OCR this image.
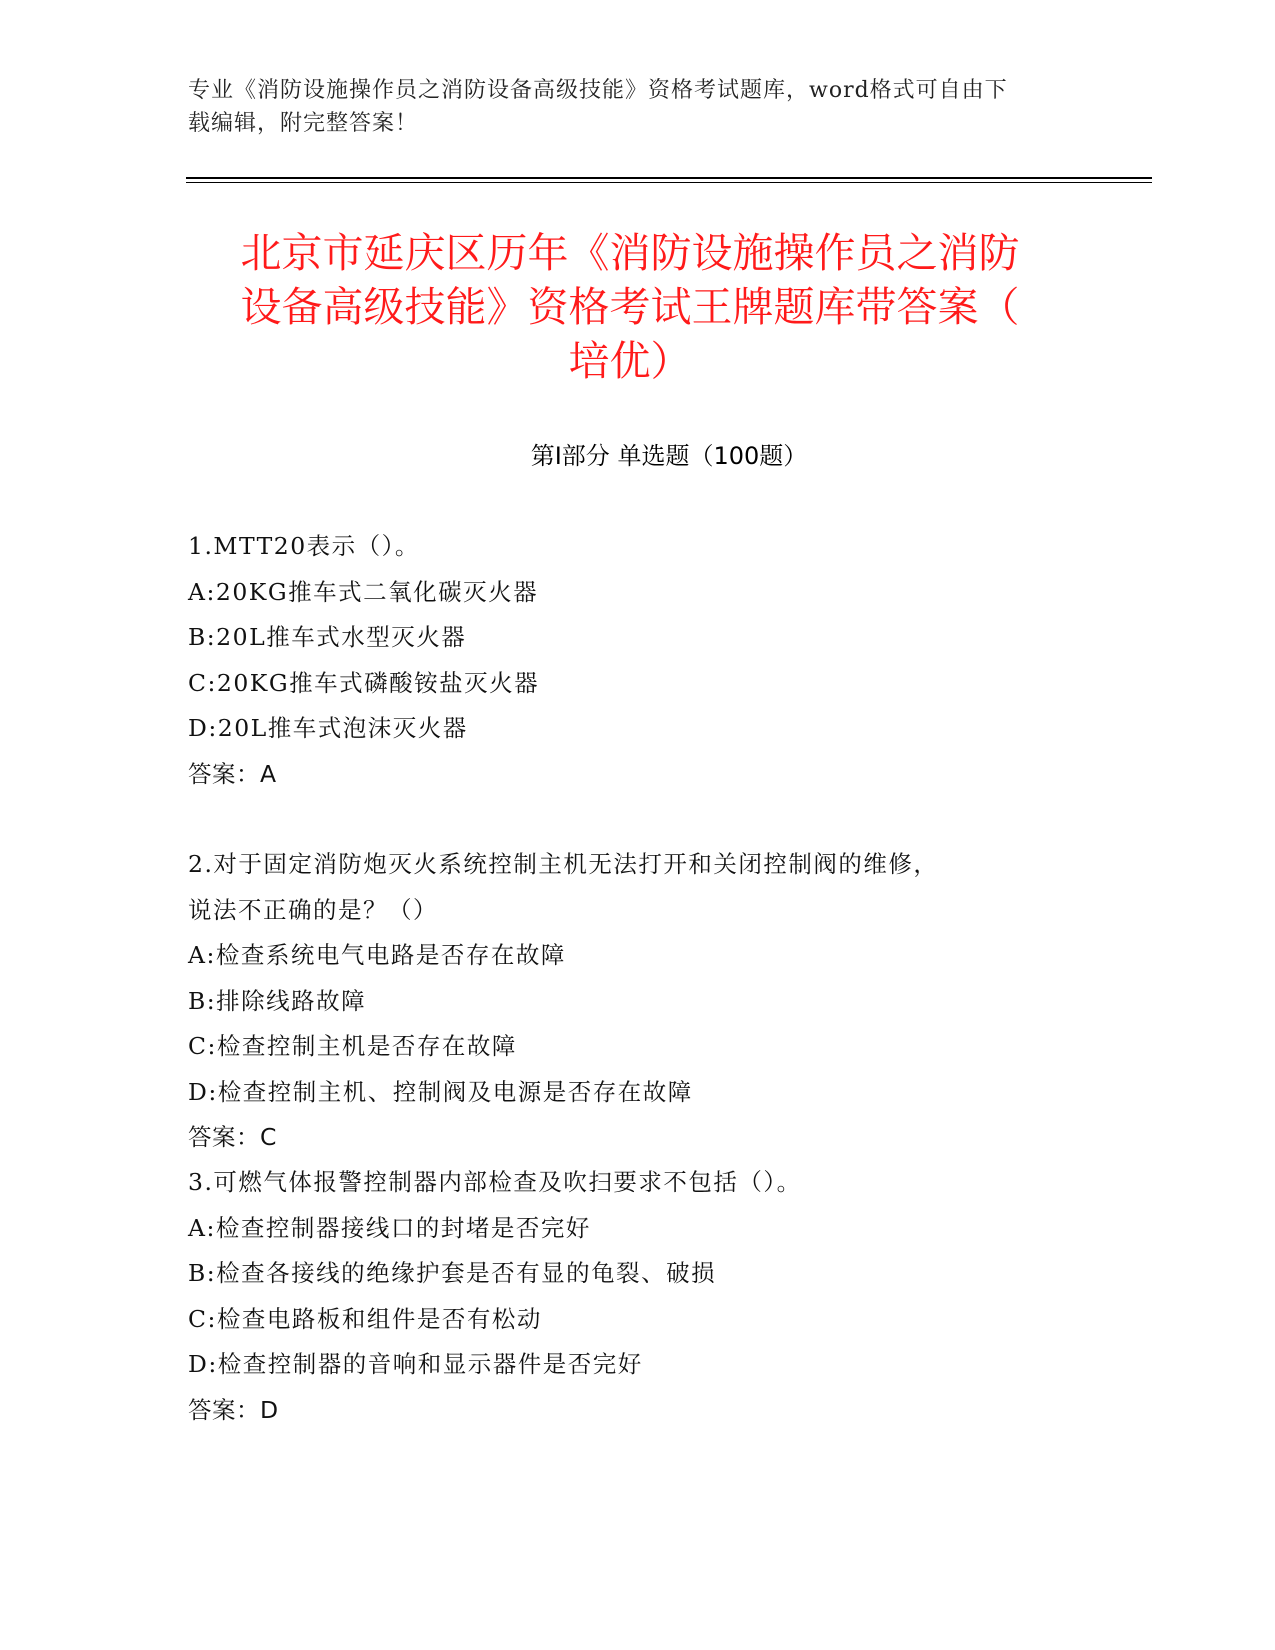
专业《消防设施操作员之消防设备高级技能》资格考试题库，word格式可自由下
载编辑，附完整答案！
北京市延庆区历年《消防设施操作员之消防
设备高级技能》资格考试王牌题库带答案（
培优）
第I部分 单选题（100题）
1.MTT20表示（）。
A:20KG推车式二氧化碳灭火器
B:20L推车式水型灭火器
C:20KG推车式磷酸铵盐灭火器
D:20L推车式泡沫灭火器
答案：A
2.对于固定消防炮灭火系统控制主机无法打开和关闭控制阀的维修，
说法不正确的是？（）
A:检查系统电气电路是否存在故障
B:排除线路故障
C:检查控制主机是否存在故障
D:检查控制主机、控制阀及电源是否存在故障
答案：C
3.可燃气体报警控制器内部检查及吹扫要求不包括（）。
A:检查控制器接线口的封堵是否完好
B:检查各接线的绝缘护套是否有显的龟裂、破损
C:检查电路板和组件是否有松动
D:检查控制器的音响和显示器件是否完好
答案：D
